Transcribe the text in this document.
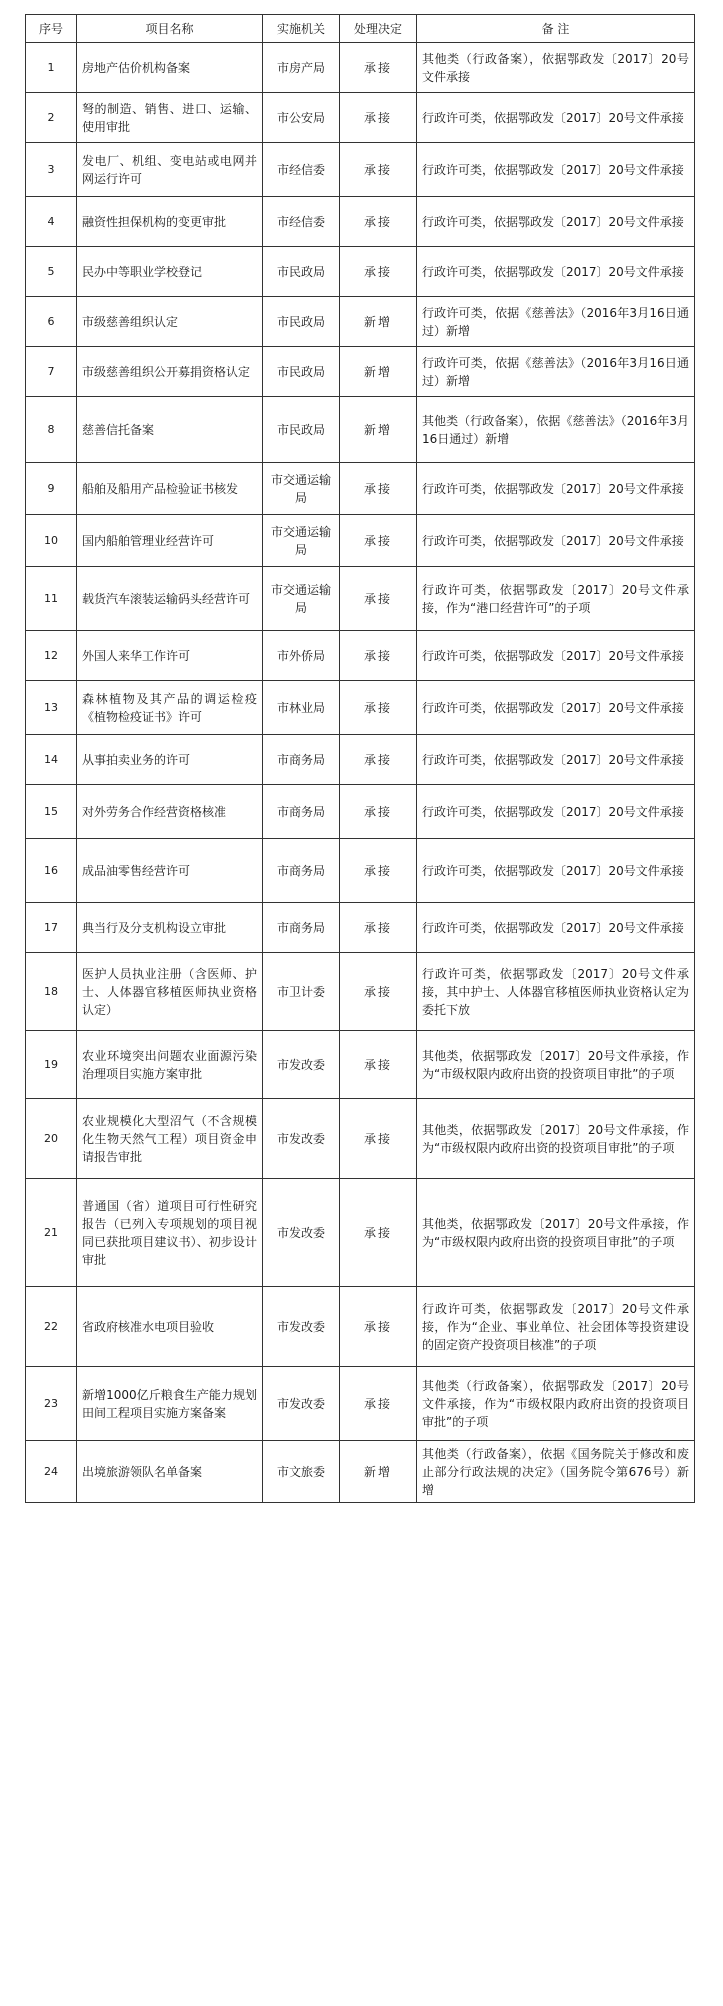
序号	项目名称	实施机关	处理决定	备 注
1	房地产估价机构备案	市房产局	承接	其他类（行政备案），依据鄂政发〔2017〕20号文件承接
2	弩的制造、销售、进口、运输、使用审批	市公安局	承接	行政许可类，依据鄂政发〔2017〕20号文件承接
3	发电厂、机组、变电站或电网并网运行许可	市经信委	承接	行政许可类，依据鄂政发〔2017〕20号文件承接
4	融资性担保机构的变更审批	市经信委	承接	行政许可类，依据鄂政发〔2017〕20号文件承接
5	民办中等职业学校登记	市民政局	承接	行政许可类，依据鄂政发〔2017〕20号文件承接
6	市级慈善组织认定	市民政局	新增	行政许可类，依据《慈善法》（2016年3月16日通过）新增
7	市级慈善组织公开募捐资格认定	市民政局	新增	行政许可类，依据《慈善法》（2016年3月16日通过）新增
8	慈善信托备案	市民政局	新增	其他类（行政备案），依据《慈善法》（2016年3月16日通过）新增
9	船舶及船用产品检验证书核发	市交通运输局	承接	行政许可类，依据鄂政发〔2017〕20号文件承接
10	国内船舶管理业经营许可	市交通运输局	承接	行政许可类，依据鄂政发〔2017〕20号文件承接
11	载货汽车滚装运输码头经营许可	市交通运输局	承接	行政许可类，依据鄂政发〔2017〕20号文件承接，作为“港口经营许可”的子项
12	外国人来华工作许可	市外侨局	承接	行政许可类，依据鄂政发〔2017〕20号文件承接
13	森林植物及其产品的调运检疫《植物检疫证书》许可	市林业局	承接	行政许可类，依据鄂政发〔2017〕20号文件承接
14	从事拍卖业务的许可	市商务局	承接	行政许可类，依据鄂政发〔2017〕20号文件承接
15	对外劳务合作经营资格核准	市商务局	承接	行政许可类，依据鄂政发〔2017〕20号文件承接
16	成品油零售经营许可	市商务局	承接	行政许可类，依据鄂政发〔2017〕20号文件承接
17	典当行及分支机构设立审批	市商务局	承接	行政许可类，依据鄂政发〔2017〕20号文件承接
18	医护人员执业注册（含医师、护士、人体器官移植医师执业资格认定）	市卫计委	承接	行政许可类，依据鄂政发〔2017〕20号文件承接，其中护士、人体器官移植医师执业资格认定为委托下放
19	农业环境突出问题农业面源污染治理项目实施方案审批	市发改委	承接	其他类，依据鄂政发〔2017〕20号文件承接，作为“市级权限内政府出资的投资项目审批”的子项
20	农业规模化大型沼气（不含规模化生物天然气工程）项目资金申请报告审批	市发改委	承接	其他类，依据鄂政发〔2017〕20号文件承接，作为“市级权限内政府出资的投资项目审批”的子项
21	普通国（省）道项目可行性研究报告（已列入专项规划的项目视同已获批项目建议书）、初步设计审批	市发改委	承接	其他类，依据鄂政发〔2017〕20号文件承接，作为“市级权限内政府出资的投资项目审批”的子项
22	省政府核准水电项目验收	市发改委	承接	行政许可类，依据鄂政发〔2017〕20号文件承接，作为“企业、事业单位、社会团体等投资建设的固定资产投资项目核准”的子项
23	新增1000亿斤粮食生产能力规划田间工程项目实施方案备案	市发改委	承接	其他类（行政备案），依据鄂政发〔2017〕20号文件承接，作为“市级权限内政府出资的投资项目审批”的子项
24	出境旅游领队名单备案	市文旅委	新增	其他类（行政备案），依据《国务院关于修改和废止部分行政法规的决定》（国务院令第676号）新增
